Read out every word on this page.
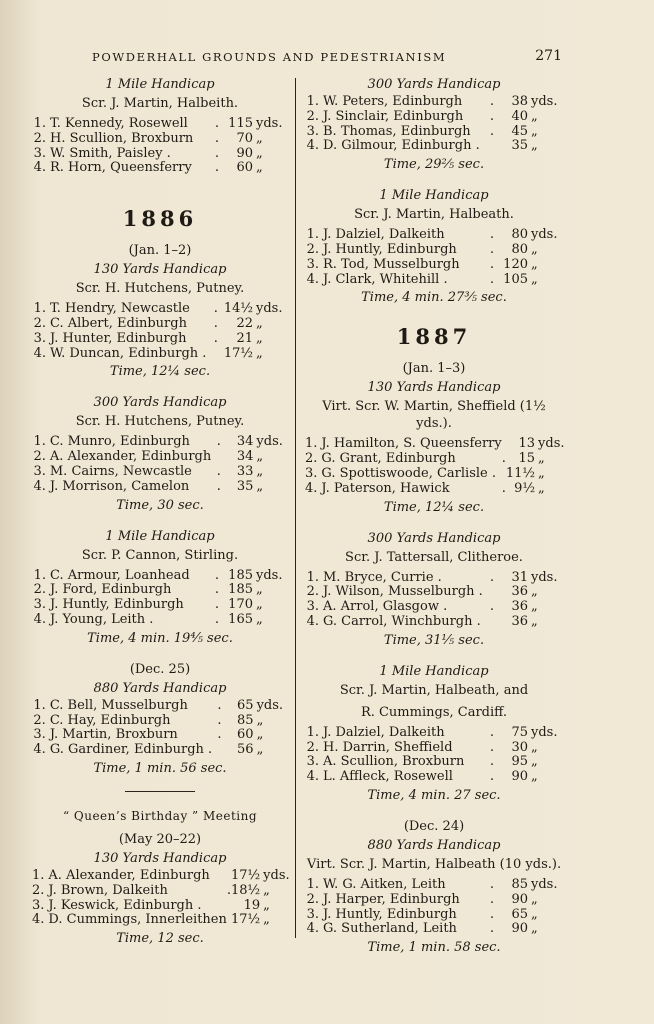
POWDERHALL GROUNDS AND PEDESTRIANISM	271
1 Mile Handicap
Scr. J. Martin, Halbeith.
1.	T. Kennedy, Rosewell	.	115	yds.
2.	H. Scullion, Broxburn	.	70	„
3.	W. Smith, Paisley .	.	90	„
4.	R. Horn, Queensferry	.	60	„
1886
(Jan. 1–2)
130 Yards Handicap
Scr. H. Hutchens, Putney.
1.	T. Hendry, Newcastle	.	14½	yds.
2.	C. Albert, Edinburgh	.	22	„
3.	J. Hunter, Edinburgh	.	21	„
4.	W. Duncan, Edinburgh .		17½	„
Time, 12¼ sec.
300 Yards Handicap
Scr. H. Hutchens, Putney.
1.	C. Munro, Edinburgh	.	34	yds.
2.	A. Alexander, Edinburgh		34	„
3.	M. Cairns, Newcastle	.	33	„
4.	J. Morrison, Camelon	.	35	„
Time, 30 sec.
1 Mile Handicap
Scr. P. Cannon, Stirling.
1.	C. Armour, Loanhead	.	185	yds.
2.	J. Ford, Edinburgh	.	185	„
3.	J. Huntly, Edinburgh	.	170	„
4.	J. Young, Leith .	.	165	„
Time, 4 min. 19⅘ sec.
(Dec. 25)
880 Yards Handicap
1.	C. Bell, Musselburgh	.	65	yds.
2.	C. Hay, Edinburgh	.	85	„
3.	J. Martin, Broxburn	.	60	„
4.	G. Gardiner, Edinburgh .		56	„
Time, 1 min. 56 sec.
“ Queen’s Birthday ” Meeting
(May 20–22)
130 Yards Handicap
1.	A. Alexander, Edinburgh		17½	yds.
2.	J. Brown, Dalkeith	.	18½	„
3.	J. Keswick, Edinburgh .		19	„
4.	D. Cummings, Innerleithen		17½	„
Time, 12 sec.
300 Yards Handicap
1.	W. Peters, Edinburgh	.	38	yds.
2.	J. Sinclair, Edinburgh	.	40	„
3.	B. Thomas, Edinburgh	.	45	„
4.	D. Gilmour, Edinburgh .		35	„
Time, 29⅖ sec.
1 Mile Handicap
Scr. J. Martin, Halbeath.
1.	J. Dalziel, Dalkeith	.	80	yds.
2.	J. Huntly, Edinburgh	.	80	„
3.	R. Tod, Musselburgh	.	120	„
4.	J. Clark, Whitehill .	.	105	„
Time, 4 min. 27⅗ sec.
1887
(Jan. 1–3)
130 Yards Handicap
Virt. Scr. W. Martin, Sheffield (1½ yds.).
1.	J. Hamilton, S. Queensferry		13	yds.
2.	G. Grant, Edinburgh	.	15	„
3.	G. Spottiswoode, Carlisle .		11½	„
4.	J. Paterson, Hawick	.	9½	„
Time, 12¼ sec.
300 Yards Handicap
Scr. J. Tattersall, Clitheroe.
1.	M. Bryce, Currie .	.	31	yds.
2.	J. Wilson, Musselburgh .		36	„
3.	A. Arrol, Glasgow .	.	36	„
4.	G. Carrol, Winchburgh .		36	„
Time, 31⅕ sec.
1 Mile Handicap
Scr. J. Martin, Halbeath, and
R. Cummings, Cardiff.
1.	J. Dalziel, Dalkeith	.	75	yds.
2.	H. Darrin, Sheffield	.	30	„
3.	A. Scullion, Broxburn	.	95	„
4.	L. Affleck, Rosewell	.	90	„
Time, 4 min. 27 sec.
(Dec. 24)
880 Yards Handicap
Virt. Scr. J. Martin, Halbeath (10 yds.).
1.	W. G. Aitken, Leith	.	85	yds.
2.	J. Harper, Edinburgh	.	90	„
3.	J. Huntly, Edinburgh	.	65	„
4.	G. Sutherland, Leith	.	90	„
Time, 1 min. 58 sec.
